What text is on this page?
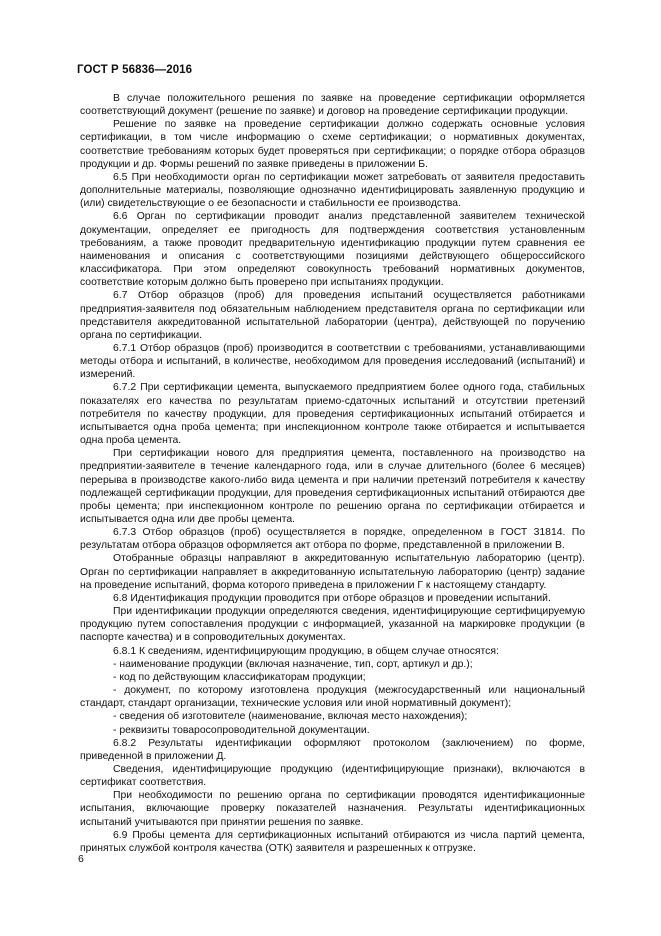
ГОСТ Р 56836—2016

В случае положительного решения по заявке на проведение сертификации оформляется соответствующий документ (решение по заявке) и договор на проведение сертификации продукции.

Решение по заявке на проведение сертификации должно содержать основные условия сертификации, в том числе информацию о схеме сертификации; о нормативных документах, соответствие требованиям которых будет проверяться при сертификации; о порядке отбора образцов продукции и др. Формы решений по заявке приведены в приложении Б.

6.5 При необходимости орган по сертификации может затребовать от заявителя предоставить дополнительные материалы, позволяющие однозначно идентифицировать заявленную продукцию и (или) свидетельствующие о ее безопасности и стабильности ее производства.

6.6 Орган по сертификации проводит анализ представленной заявителем технической документации, определяет ее пригодность для подтверждения соответствия установленным требованиям, а также проводит предварительную идентификацию продукции путем сравнения ее наименования и описания с соответствующими позициями действующего общероссийского классификатора. При этом определяют совокупность требований нормативных документов, соответствие которым должно быть проверено при испытаниях продукции.

6.7 Отбор образцов (проб) для проведения испытаний осуществляется работниками предприятия-заявителя под обязательным наблюдением представителя органа по сертификации или представителя аккредитованной испытательной лаборатории (центра), действующей по поручению органа по сертификации.

6.7.1 Отбор образцов (проб) производится в соответствии с требованиями, устанавливающими методы отбора и испытаний, в количестве, необходимом для проведения исследований (испытаний) и измерений.

6.7.2 При сертификации цемента, выпускаемого предприятием более одного года, стабильных показателях его качества по результатам приемо-сдаточных испытаний и отсутствии претензий потребителя по качеству продукции, для проведения сертификационных испытаний отбирается и испытывается одна проба цемента; при инспекционном контроле также отбирается и испытывается одна проба цемента.

При сертификации нового для предприятия цемента, поставленного на производство на предприятии-заявителе в течение календарного года, или в случае длительного (более 6 месяцев) перерыва в производстве какого-либо вида цемента и при наличии претензий потребителя к качеству подлежащей сертификации продукции, для проведения сертификационных испытаний отбираются две пробы цемента; при инспекционном контроле по решению органа по сертификации отбирается и испытывается одна или две пробы цемента.

6.7.3 Отбор образцов (проб) осуществляется в порядке, определенном в ГОСТ 31814. По результатам отбора образцов оформляется акт отбора по форме, представленной в приложении В.

Отобранные образцы направляют в аккредитованную испытательную лабораторию (центр). Орган по сертификации направляет в аккредитованную испытательную лабораторию (центр) задание на проведение испытаний, форма которого приведена в приложении Г к настоящему стандарту.

6.8 Идентификация продукции проводится при отборе образцов и проведении испытаний.

При идентификации продукции определяются сведения, идентифицирующие сертифицируемую продукцию путем сопоставления продукции с информацией, указанной на маркировке продукции (в паспорте качества) и в сопроводительных документах.

6.8.1 К сведениям, идентифицирующим продукцию, в общем случае относятся:

- наименование продукции (включая назначение, тип, сорт, артикул и др.);

- код по действующим классификаторам продукции;

- документ, по которому изготовлена продукция (межгосударственный или национальный стандарт, стандарт организации, технические условия или иной нормативный документ);

- сведения об изготовителе (наименование, включая место нахождения);

- реквизиты товаросопроводительной документации.

6.8.2 Результаты идентификации оформляют протоколом (заключением) по форме, приведенной в приложении Д.

Сведения, идентифицирующие продукцию (идентифицирующие признаки), включаются в сертификат соответствия.

При необходимости по решению органа по сертификации проводятся идентификационные испытания, включающие проверку показателей назначения. Результаты идентификационных испытаний учитываются при принятии решения по заявке.

6.9 Пробы цемента для сертификационных испытаний отбираются из числа партий цемента, принятых службой контроля качества (ОТК) заявителя и разрешенных к отгрузке.

6
